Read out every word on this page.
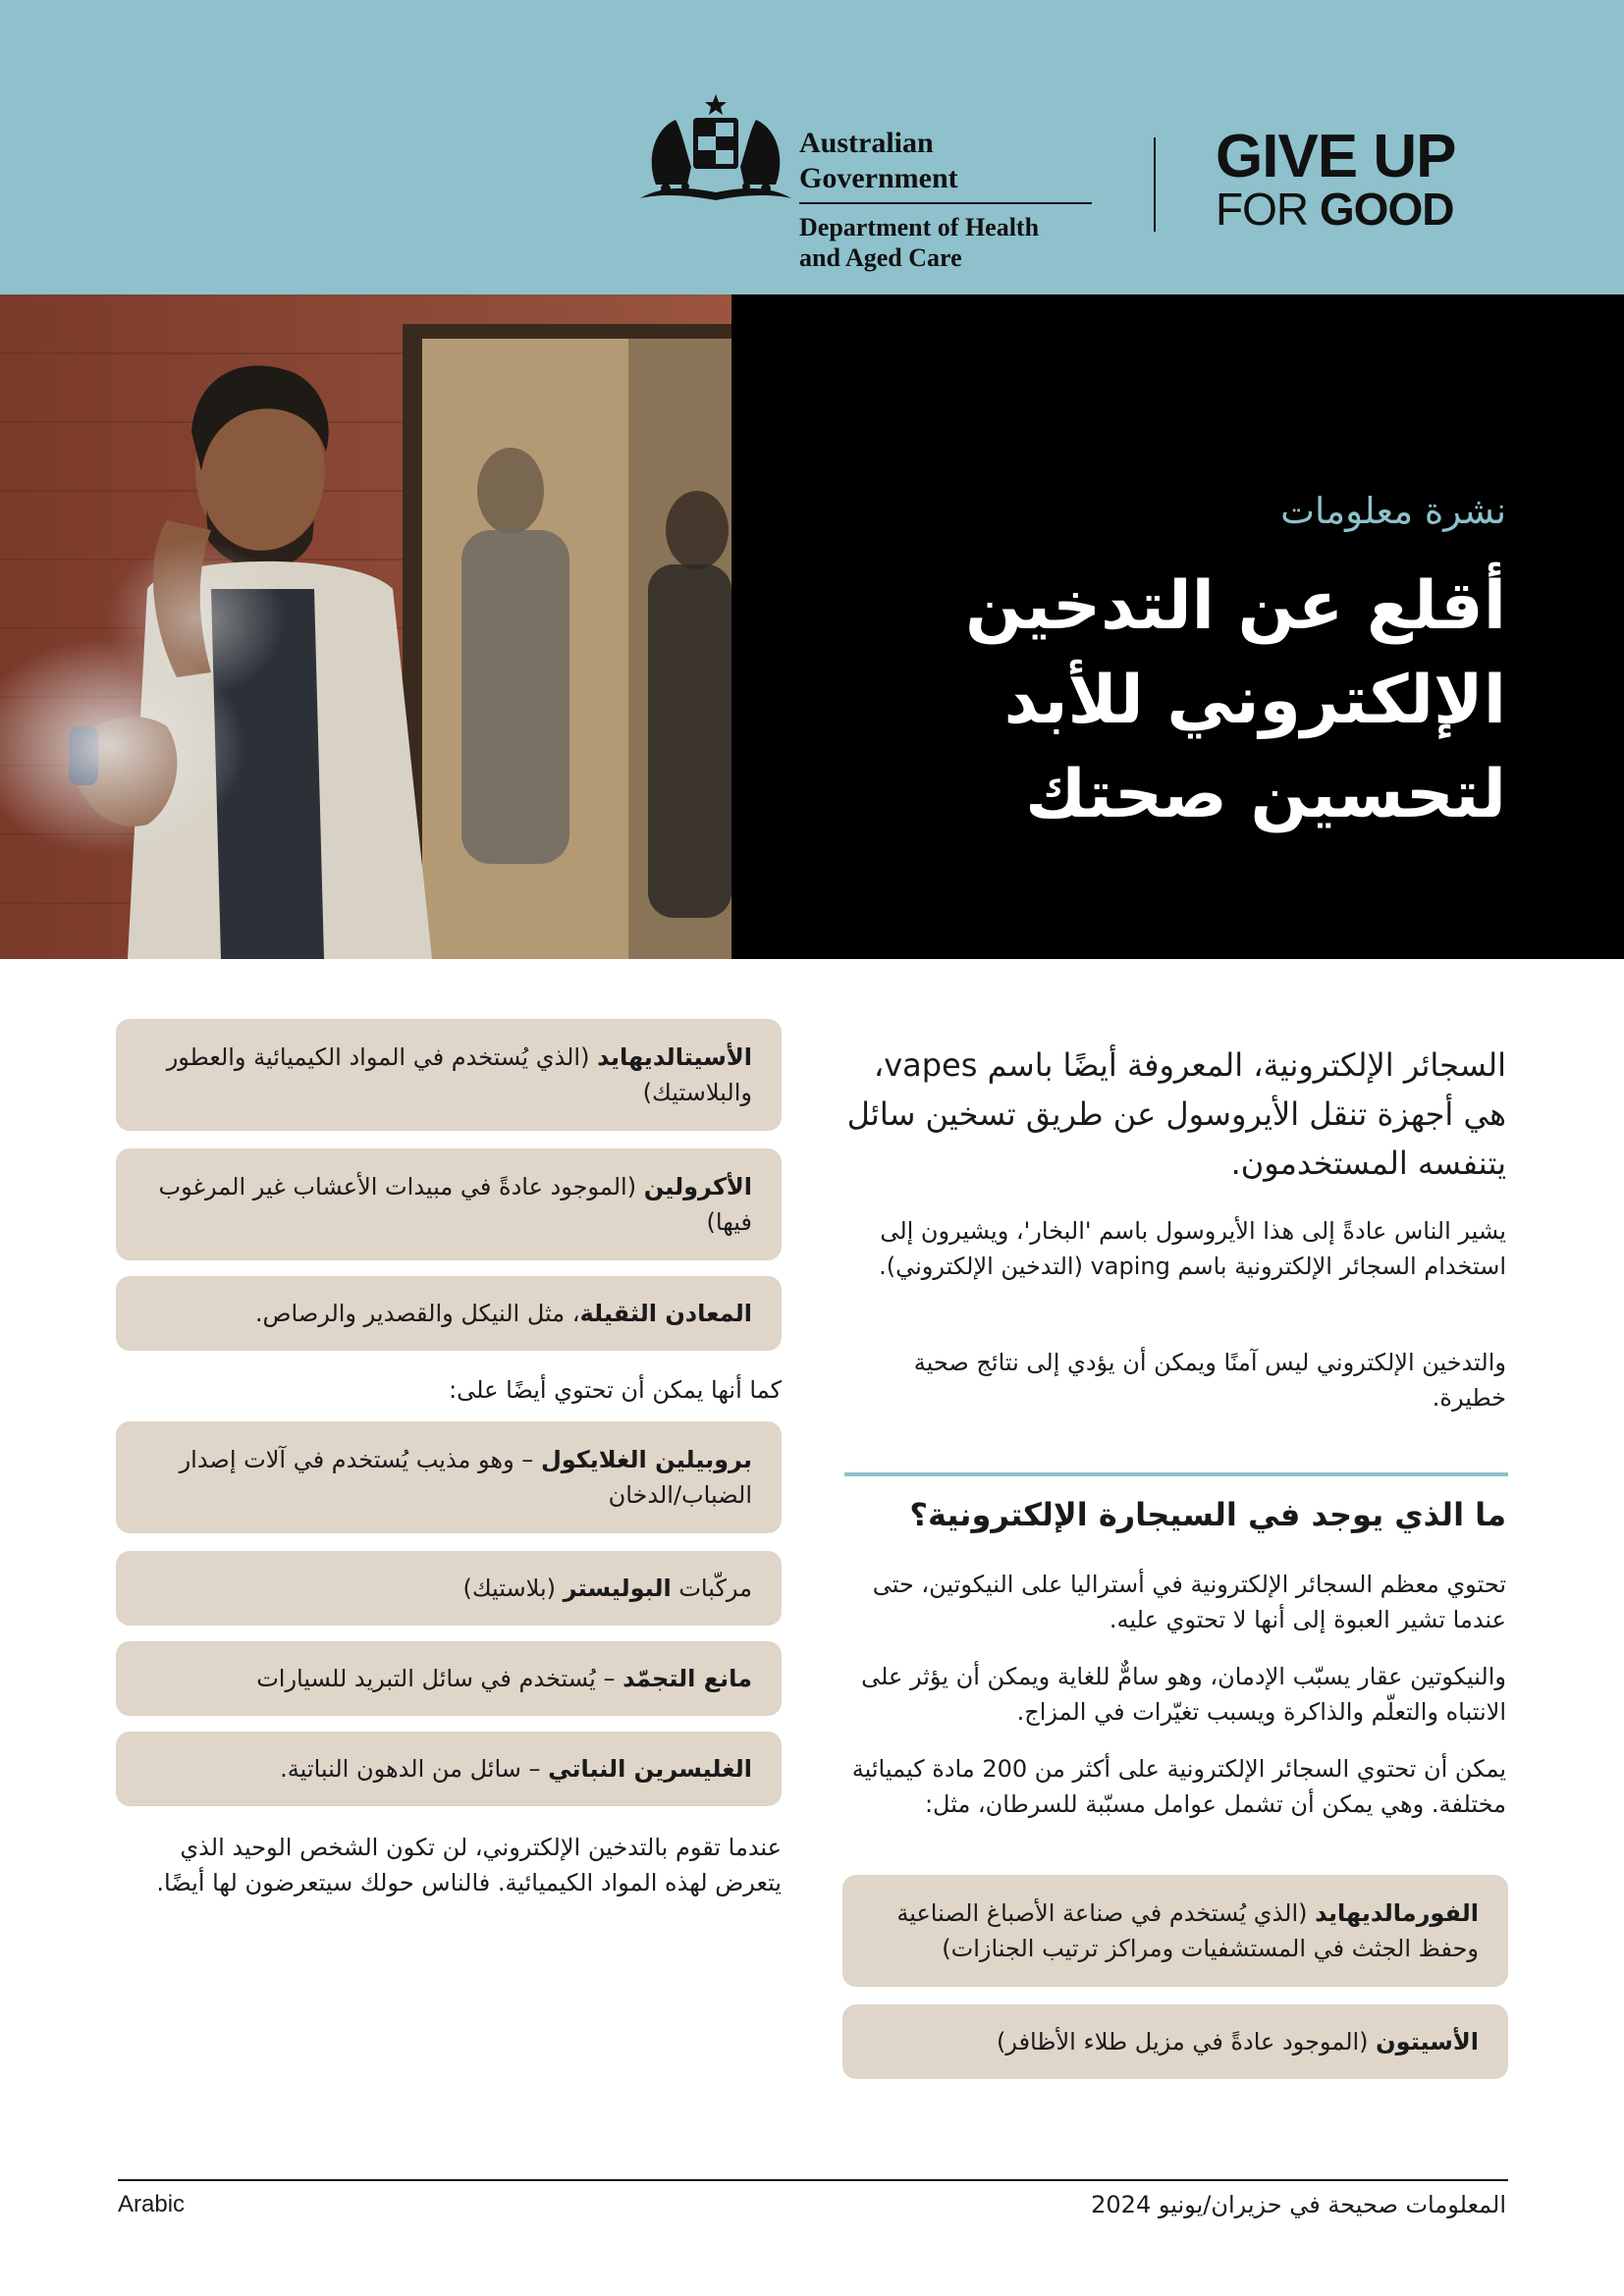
Australian Government
Department of Health
and Aged Care
GIVE UP
FOR GOOD
نشرة معلومات
أقلع عن التدخين
الإلكتروني للأبد
لتحسين صحتك
السجائر الإلكترونية، المعروفة أيضًا باسم vapes، هي أجهزة تنقل الأيروسول عن طريق تسخين سائل يتنفسه المستخدمون.
يشير الناس عادةً إلى هذا الأيروسول باسم 'البخار'، ويشيرون إلى استخدام السجائر الإلكترونية باسم vaping (التدخين الإلكتروني).
والتدخين الإلكتروني ليس آمنًا ويمكن أن يؤدي إلى نتائج صحية خطيرة.
ما الذي يوجد في السيجارة الإلكترونية؟
تحتوي معظم السجائر الإلكترونية في أستراليا على النيكوتين، حتى عندما تشير العبوة إلى أنها لا تحتوي عليه.
والنيكوتين عقار يسبّب الإدمان، وهو سامٌّ للغاية ويمكن أن يؤثر على الانتباه والتعلّم والذاكرة ويسبب تغيّرات في المزاج.
يمكن أن تحتوي السجائر الإلكترونية على أكثر من 200 مادة كيميائية مختلفة. وهي يمكن أن تشمل عوامل مسبّبة للسرطان، مثل:
الفورمالديهايد (الذي يُستخدم في صناعة الأصباغ الصناعية وحفظ الجثث في المستشفيات ومراكز ترتيب الجنازات)
الأسيتون (الموجود عادةً في مزيل طلاء الأظافر)
الأسيتالديهايد (الذي يُستخدم في المواد الكيميائية والعطور والبلاستيك)
الأكرولين (الموجود عادةً في مبيدات الأعشاب غير المرغوب فيها)
المعادن الثقيلة، مثل النيكل والقصدير والرصاص.
كما أنها يمكن أن تحتوي أيضًا على:
بروبيلين الغلايكول – وهو مذيب يُستخدم في آلات إصدار الضباب/الدخان
مركّبات البوليستر (بلاستيك)
مانع التجمّد – يُستخدم في سائل التبريد للسيارات
الغليسرين النباتي – سائل من الدهون النباتية.
عندما تقوم بالتدخين الإلكتروني، لن تكون الشخص الوحيد الذي يتعرض لهذه المواد الكيميائية. فالناس حولك سيتعرضون لها أيضًا.
Arabic	المعلومات صحيحة في حزيران/يونيو 2024
